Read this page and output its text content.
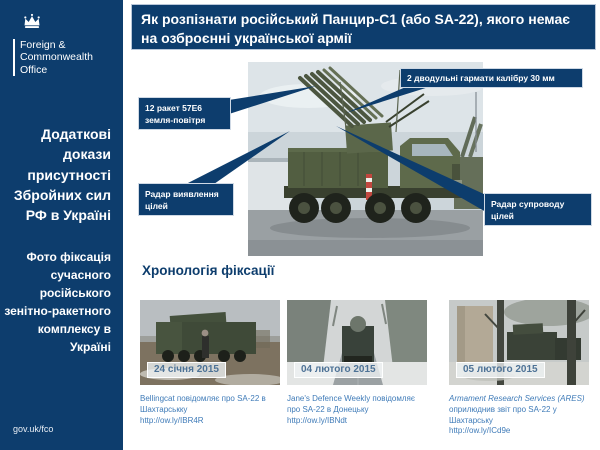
Foreign &
Commonwealth
Office
Додаткові докази присутності Збройних сил РФ в Україні
Фото фіксація сучасного російського зенітно-ракетного комплексу в Україні
gov.uk/fco
Як розпізнати російський Панцир-С1 (або SA-22), якого немає на озброєнні української армії
12 ракет 57Е6 земля-повітря
2 дводульні гармати калібру 30 мм
Радар виявлення цілей	Радар супроводу цілей
Хронологія фіксації
24 січня 2015	04 лютого 2015	05 лютого 2015
Bellingcat повідомляє про SA-22 в Шахтарськку
http://ow.ly/IBR4R
Jane's Defence Weekly повідомляє про SA-22 в Донецьку
http://ow.ly/IBNdt
Armament Research Services (ARES) оприлюднив звіт про SA-22 у Шахтарську
http://ow.ly/ICd9e
